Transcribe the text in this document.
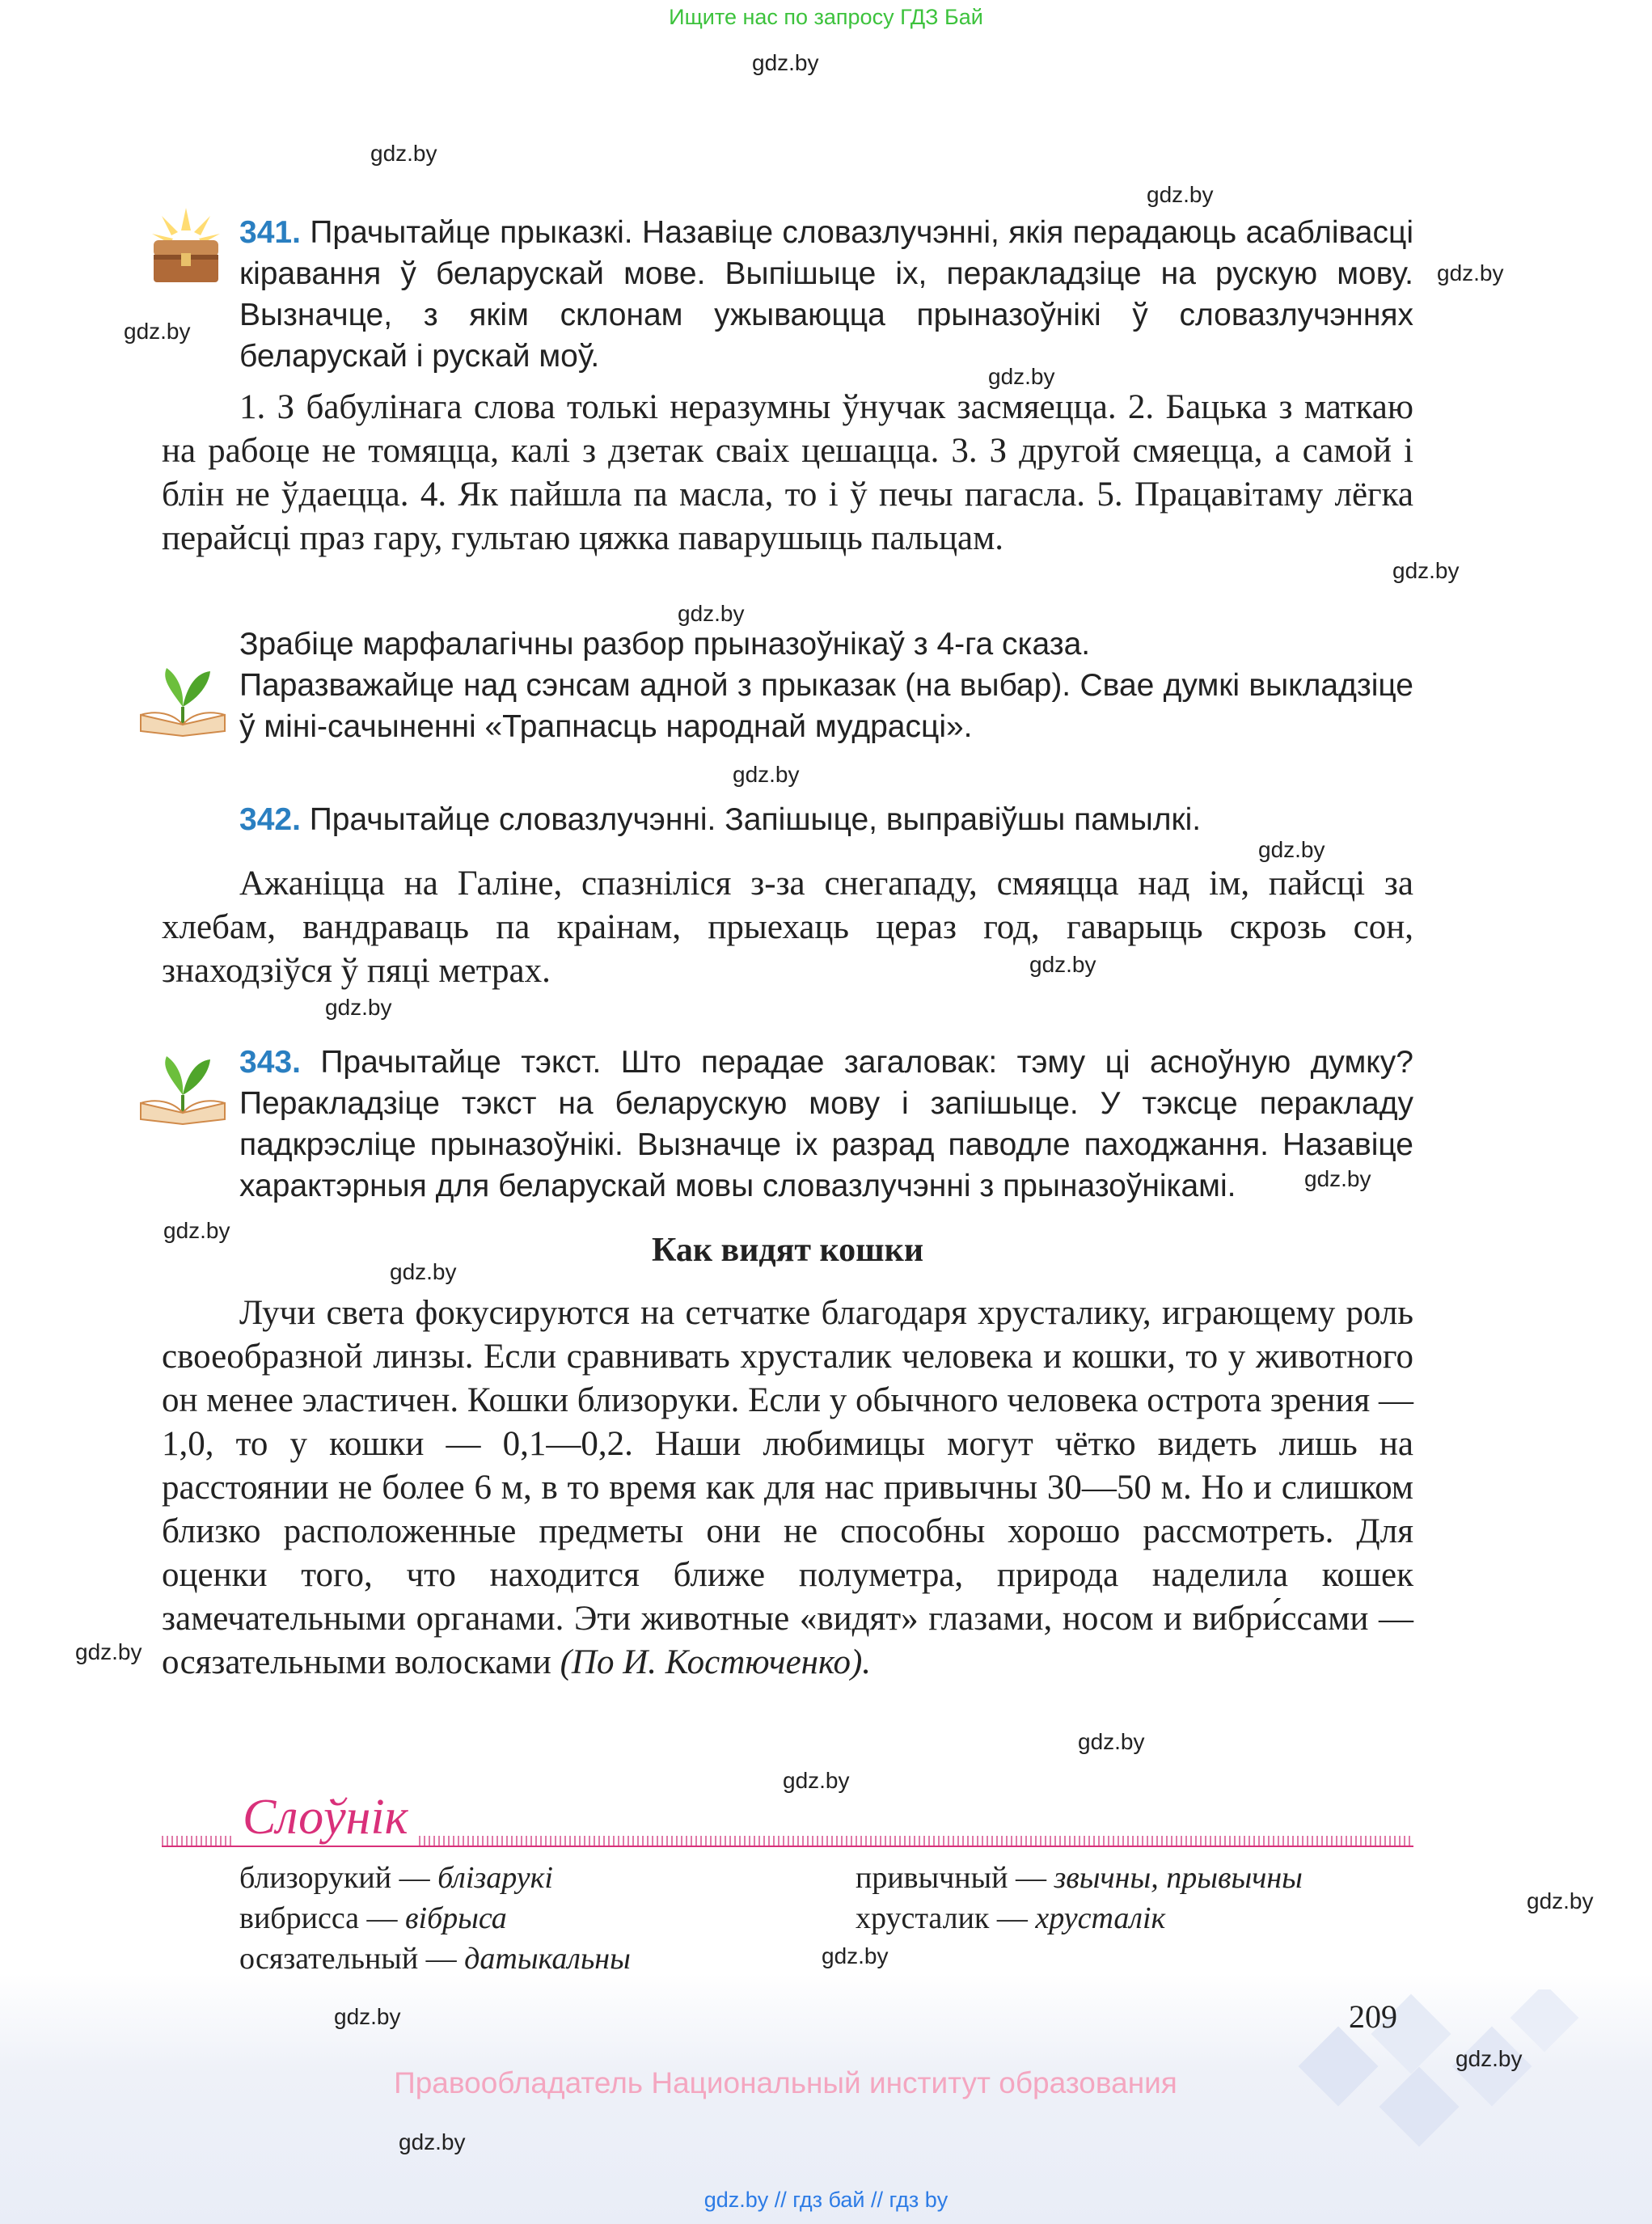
Ищите нас по запросу ГДЗ Бай
gdz.by
gdz.by
gdz.by
gdz.by
gdz.by
gdz.by
gdz.by
gdz.by
gdz.by
gdz.by
gdz.by
gdz.by
gdz.by
gdz.by
gdz.by
gdz.by
gdz.by
gdz.by
gdz.by
gdz.by
gdz.by
gdz.by
gdz.by
341. Прачытайце прыказкі. Назавіце словазлучэнні, якія перадаюць асаблівасці кіравання ў беларускай мове. Выпішыце іх, перакладзіце на рускую мову. Вызначце, з якім склонам ужываюцца прыназоўнікі ў словазлучэннях беларускай і рускай моў.

1. З бабулінага слова толькі неразумны ўнучак засмяецца. 2. Бацька з маткаю на рабоце не томяцца, калі з дзетак сваіх цешацца. 3. З другой смяецца, а самой і блін не ўдаецца. 4. Як пайшла па масла, то і ў печы пагасла. 5. Працавітаму лёгка перайсці праз гару, гультаю цяжка паварушыць пальцам.

Зрабіце марфалагічны разбор прыназоўнікаў з 4-га сказа.
Паразважайце над сэнсам адной з прыказак (на выбар). Свае думкі выкладзіце ў міні-сачыненні «Трапнасць народнай мудрасці».
342. Прачытайце словазлучэнні. Запішыце, выправіўшы памылкі.

Ажаніцца на Галіне, спазніліся з-за снегападу, смяяцца над ім, пайсці за хлебам, вандраваць па краінам, прыехаць цераз год, гаварыць скрозь сон, знаходзіўся ў пяці метрах.

343. Прачытайце тэкст. Што перадае загаловак: тэму ці асноўную думку? Перакладзіце тэкст на беларускую мову і запішыце. У тэксце перакладу падкрэсліце прыназоўнікі. Вызначце іх разрад паводле паходжання. Назавіце характэрныя для беларускай мовы словазлучэнні з прыназоўнікамі.
Как видят кошки

Лучи света фокусируются на сетчатке благодаря хрусталику, играющему роль своеобразной линзы. Если сравнивать хрусталик человека и кошки, то у животного он менее эластичен. Кошки близоруки. Если у обычного человека острота зрения — 1,0, то у кошки — 0,1—0,2. Наши любимицы могут чётко видеть лишь на расстоянии не более 6 м, в то время как для нас привычны 30—50 м. Но и слишком близко расположенные предметы они не способны хорошо рассмотреть. Для оценки того, что находится ближе полуметра, природа наделила кошек замечательными органами. Эти животные «видят» глазами, носом и вибри́ссами — осязательными волосками (По И. Костюченко).

Слоўнік
близорукий — блізарукі
вибрисса — вібрыса
осязательный — датыкальны
привычный — звычны, прывычны
хрусталик — хрусталік
209
Правообладатель Национальный институт образования
gdz.by // гдз бай // гдз by
